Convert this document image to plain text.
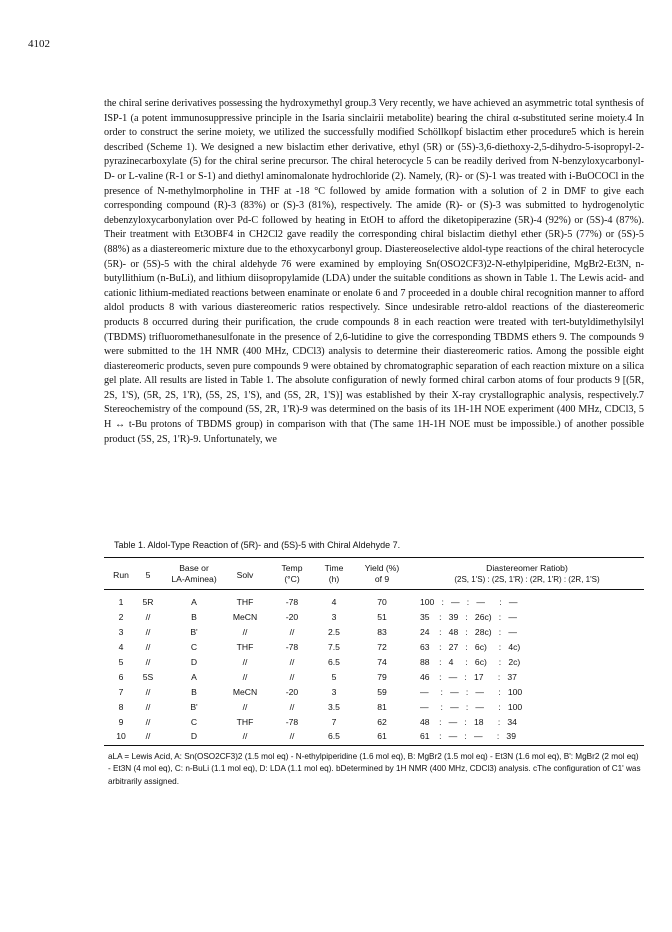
4102

the chiral serine derivatives possessing the hydroxymethyl group.3 Very recently, we have achieved an asymmetric total synthesis of ISP-1 (a potent immunosuppressive principle in the Isaria sinclairii metabolite) bearing the chiral α-substituted serine moiety.4 In order to construct the serine moiety, we utilized the successfully modified Schöllkopf bislactim ether procedure5 which is herein described (Scheme 1). We designed a new bislactim ether derivative, ethyl (5R) or (5S)-3,6-diethoxy-2,5-dihydro-5-isopropyl-2-pyrazinecarboxylate (5) for the chiral serine precursor. The chiral heterocycle 5 can be readily derived from N-benzyloxycarbonyl-D- or L-valine (R-1 or S-1) and diethyl aminomalonate hydrochloride (2). Namely, (R)- or (S)-1 was treated with i-BuOCOCl in the presence of N-methylmorpholine in THF at -18 °C followed by amide formation with a solution of 2 in DMF to give each corresponding compound (R)-3 (83%) or (S)-3 (81%), respectively. The amide (R)- or (S)-3 was submitted to hydrogenolytic debenzyloxycarbonylation over Pd-C followed by heating in EtOH to afford the diketopiperazine (5R)-4 (92%) or (5S)-4 (87%). Their treatment with Et3OBF4 in CH2Cl2 gave readily the corresponding chiral bislactim diethyl ether (5R)-5 (77%) or (5S)-5 (88%) as a diastereomeric mixture due to the ethoxycarbonyl group. Diastereoselective aldol-type reactions of the chiral heterocycle (5R)- or (5S)-5 with the chiral aldehyde 76 were examined by employing Sn(OSO2CF3)2-N-ethylpiperidine, MgBr2-Et3N, n-butyllithium (n-BuLi), and lithium diisopropylamide (LDA) under the suitable conditions as shown in Table 1. The Lewis acid- and cationic lithium-mediated reactions between enaminate or enolate 6 and 7 proceeded in a double chiral recognition manner to afford aldol products 8 with various diastereomeric ratios respectively. Since undesirable retro-aldol reactions of the diastereomeric products 8 occurred during their purification, the crude compounds 8 in each reaction were treated with tert-butyldimethylsilyl (TBDMS) trifluoromethanesulfonate in the presence of 2,6-lutidine to give the corresponding TBDMS ethers 9. The compounds 9 were submitted to the 1H NMR (400 MHz, CDCl3) analysis to determine their diastereomeric ratios. Among the possible eight diastereomeric products, seven pure compounds 9 were obtained by chromatographic separation of each reaction mixture on a silica gel plate. All results are listed in Table 1. The absolute configuration of newly formed chiral carbon atoms of four products 9 [(5R, 2S, 1'S), (5R, 2S, 1'R), (5S, 2S, 1'S), and (5S, 2R, 1'S)] was established by their X-ray crystallographic analysis, respectively.7 Stereochemistry of the compound (5S, 2R, 1'R)-9 was determined on the basis of its 1H-1H NOE experiment (400 MHz, CDCl3, 5 H ↔ t-Bu protons of TBDMS group) in comparison with that (The same 1H-1H NOE must be impossible.) of another possible product (5S, 2S, 1'R)-9. Unfortunately, we

Table 1. Aldol-Type Reaction of (5R)- and (5S)-5 with Chiral Aldehyde 7.
Run	5
Base or
LA-Aminea)	Solv
Temp
(°C)
Time
(h)
Yield (%)
of 9
Diastereomer Ratiob)
(2S, 1'S) : (2S, 1'R) : (2R, 1'R) : (2R, 1'S)
1	5R	A	THF	-78	4	70	100   :   —   :   —      :   —
2	//	B	MeCN	-20	3	51	35    :   39   :   26c)   :   —
3	//	B'	//	//	2.5	83	24    :   48   :   28c)   :   —
4	//	C	THF	-78	7.5	72	63    :   27   :   6c)     :   4c)
5	//	D	//	//	6.5	74	88    :   4     :   6c)     :   2c)
6	5S	A	//	//	5	79	46    :   —   :   17      :   37
7	//	B	MeCN	-20	3	59	—     :   —   :   —      :   100
8	//	B'	//	//	3.5	81	—     :   —   :   —      :   100
9	//	C	THF	-78	7	62	48    :   —   :   18      :   34
10	//	D	//	//	6.5	61	61    :   —   :   —      :   39
aLA = Lewis Acid, A: Sn(OSO2CF3)2 (1.5 mol eq) - N-ethylpiperidine (1.6 mol eq), B: MgBr2 (1.5 mol eq) - Et3N (1.6 mol eq), B': MgBr2 (2 mol eq) - Et3N (4 mol eq), C: n-BuLi (1.1 mol eq), D: LDA (1.1 mol eq). bDetermined by 1H NMR (400 MHz, CDCl3) analysis. cThe configuration of C1' was arbitrarily assigned.
